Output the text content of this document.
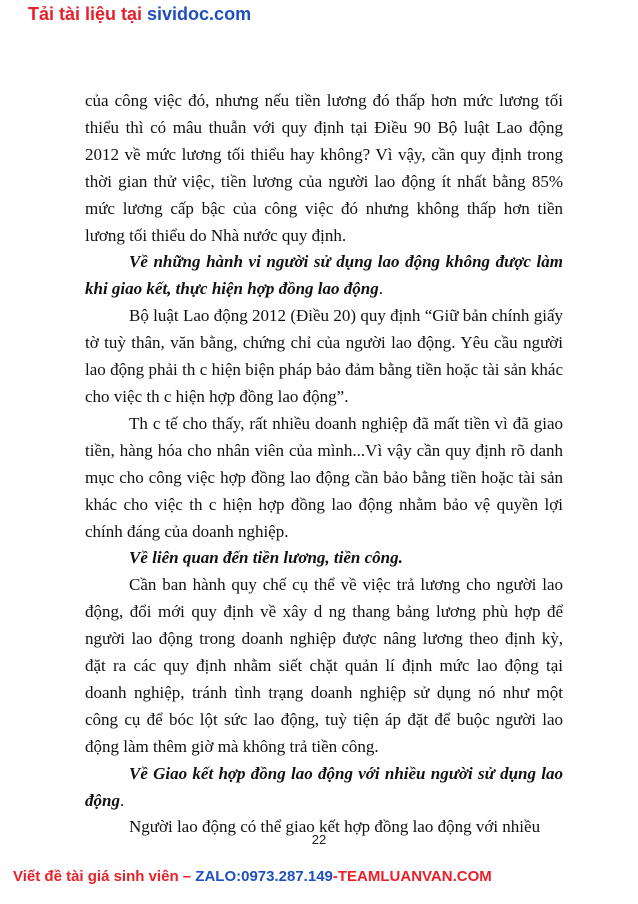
Tải tài liệu tại sividoc.com

của công việc đó, nhưng nếu tiền lương đó thấp hơn mức lương tối thiểu thì có mâu thuẫn với quy định tại Điều 90 Bộ luật Lao động 2012 về mức lương tối thiểu hay không? Vì vậy, cần quy định trong thời gian thử việc, tiền lương của người lao động ít nhất bằng 85% mức lương cấp bậc của công việc đó nhưng không thấp hơn tiền lương tối thiểu do Nhà nước quy định.

Về những hành vi người sử dụng lao động không được làm khi giao kết, thực hiện hợp đồng lao động.

Bộ luật Lao động 2012 (Điều 20) quy định “Giữ bản chính giấy tờ tuỳ thân, văn bằng, chứng chỉ của người lao động. Yêu cầu người lao động phải th c hiện biện pháp bảo đảm bằng tiền hoặc tài sản khác cho việc th c hiện hợp đồng lao động”.

Th c tế cho thấy, rất nhiều doanh nghiệp đã mất tiền vì đã giao tiền, hàng hóa cho nhân viên của mình...Vì vậy cần quy định rõ danh mục cho công việc hợp đồng lao động cần bảo bằng tiền hoặc tài sản khác cho việc th c hiện hợp đồng lao động nhằm bảo vệ quyền lợi chính đáng của doanh nghiệp.

Về liên quan đến tiền lương, tiền công.

Cần ban hành quy chế cụ thể về việc trả lương cho người lao động, đổi mới quy định về xây d ng thang bảng lương phù hợp để người lao động trong doanh nghiệp được nâng lương theo định kỳ, đặt ra các quy định nhằm siết chặt quản lí định mức lao động tại doanh nghiệp, tránh tình trạng doanh nghiệp sử dụng nó như một công cụ để bóc lột sức lao động, tuỳ tiện áp đặt để buộc người lao động làm thêm giờ mà không trả tiền công.

Về Giao kết hợp đồng lao động với nhiều người sử dụng lao động.

Người lao động có thể giao kết hợp đồng lao động với nhiều

22
Viết đề tài giá sinh viên – ZALO:0973.287.149-TEAMLUANVAN.COM
